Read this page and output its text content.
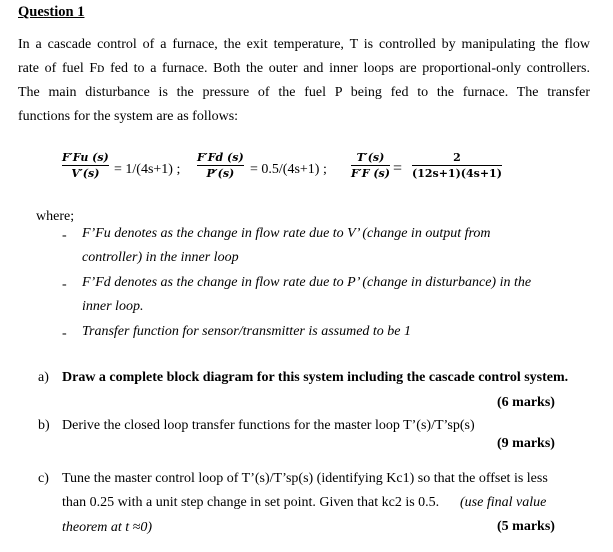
Question 1
In a cascade control of a furnace, the exit temperature, T is controlled by manipulating the flow
rate of fuel Fᴅ fed to a furnace. Both the outer and inner loops are proportional-only controllers.
The main disturbance is the pressure of the fuel P being fed to the furnace. The transfer
functions for the system are as follows:
F′Fu (s)
V′(s) = 1/(4s+1) ;
F′Fd (s)
P′(s) = 0.5/(4s+1) ;
T′(s)
F′F (s) =
2
(12s+1)(4s+1)
where;
- F’Fu denotes as the change in flow rate due to V’ (change in output from
controller) in the inner loop
- F’Fd denotes as the change in flow rate due to P’ (change in disturbance) in the
inner loop.
- Transfer function for sensor/transmitter is assumed to be 1
a) Draw a complete block diagram for this system including the cascade control system.
(6 marks)
b) Derive the closed loop transfer functions for the master loop T’(s)/T’sp(s)
(9 marks)
c) Tune the master control loop of T’(s)/T’sp(s) (identifying Kc1) so that the offset is less
than 0.25 with a unit step change in set point. Given that kc2 is 0.5. (use final value
theorem at t ≈0)	(5 marks)
